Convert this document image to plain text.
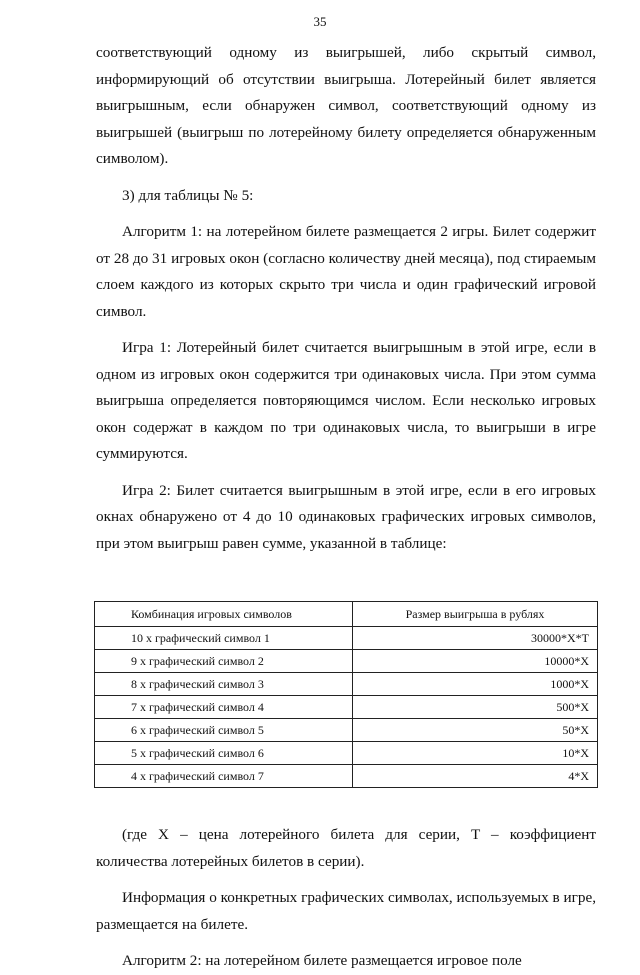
35

соответствующий одному из выигрышей, либо скрытый символ, информирующий об отсутствии выигрыша. Лотерейный билет является выигрышным, если обнаружен символ, соответствующий одному из выигрышей (выигрыш по лотерейному билету определяется обнаруженным символом).

3) для таблицы № 5:

Алгоритм 1: на лотерейном билете размещается 2 игры. Билет содержит от 28 до 31 игровых окон (согласно количеству дней месяца), под стираемым слоем каждого из которых скрыто три числа и один графический игровой символ.

Игра 1: Лотерейный билет считается выигрышным в этой игре, если в одном из игровых окон содержится три одинаковых числа. При этом сумма выигрыша определяется повторяющимся числом. Если несколько игровых окон содержат в каждом по три одинаковых числа, то выигрыши в игре суммируются.

Игра 2: Билет считается выигрышным в этой игре, если в его игровых окнах обнаружено от 4 до 10 одинаковых графических игровых символов, при этом выигрыш равен сумме, указанной в таблице:

Комбинация игровых символов	Размер выигрыша в рублях
10 x графический символ 1	30000*X*T
9 x графический символ 2	10000*X
8 x графический символ 3	1000*X
7 x графический символ 4	500*X
6 x графический символ 5	50*X
5 x графический символ 6	10*X
4 x графический символ 7	4*X

(где X – цена лотерейного билета для серии, T – коэффициент количества лотерейных билетов в серии).

Информация о конкретных графических символах, используемых в игре, размещается на билете.

Алгоритм 2: на лотерейном билете размещается игровое поле
